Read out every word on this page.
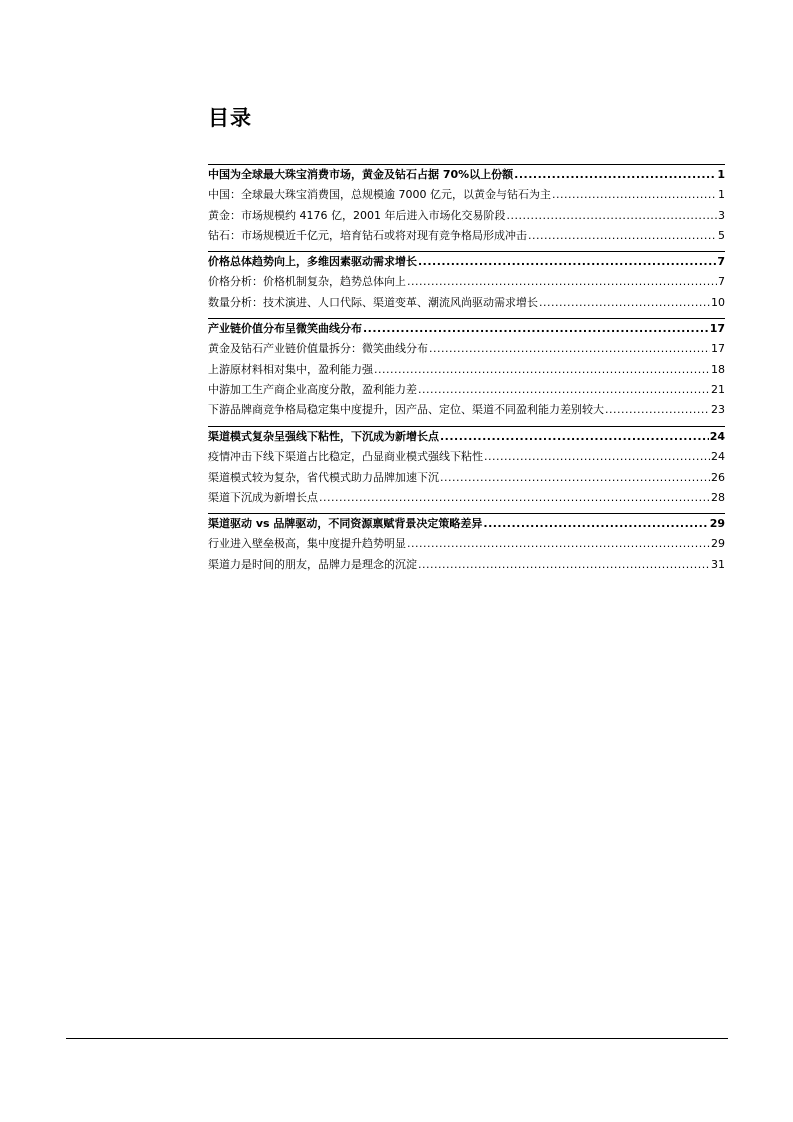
目录
中国为全球最大珠宝消费市场，黄金及钻石占据 70%以上份额 .....	1
中国：全球最大珠宝消费国，总规模逾 7000 亿元，以黄金与钻石为主 .....	1
黄金：市场规模约 4176 亿，2001 年后进入市场化交易阶段 .....	3
钻石：市场规模近千亿元，培育钻石或将对现有竞争格局形成冲击 .....	5
价格总体趋势向上，多维因素驱动需求增长 .....	7
价格分析：价格机制复杂，趋势总体向上 .....	7
数量分析：技术演进、人口代际、渠道变革、潮流风尚驱动需求增长 .....	10
产业链价值分布呈微笑曲线分布 .....	17
黄金及钻石产业链价值量拆分：微笑曲线分布 .....	17
上游原材料相对集中，盈利能力强 .....	18
中游加工生产商企业高度分散，盈利能力差 .....	21
下游品牌商竞争格局稳定集中度提升，因产品、定位、渠道不同盈利能力差别较大 .....	23
渠道模式复杂呈强线下粘性，下沉成为新增长点 .....	24
疫情冲击下线下渠道占比稳定，凸显商业模式强线下粘性 .....	24
渠道模式较为复杂，省代模式助力品牌加速下沉 .....	26
渠道下沉成为新增长点 .....	28
渠道驱动 vs 品牌驱动，不同资源禀赋背景决定策略差异 .....	29
行业进入壁垒极高，集中度提升趋势明显 .....	29
渠道力是时间的朋友，品牌力是理念的沉淀 .....	31
